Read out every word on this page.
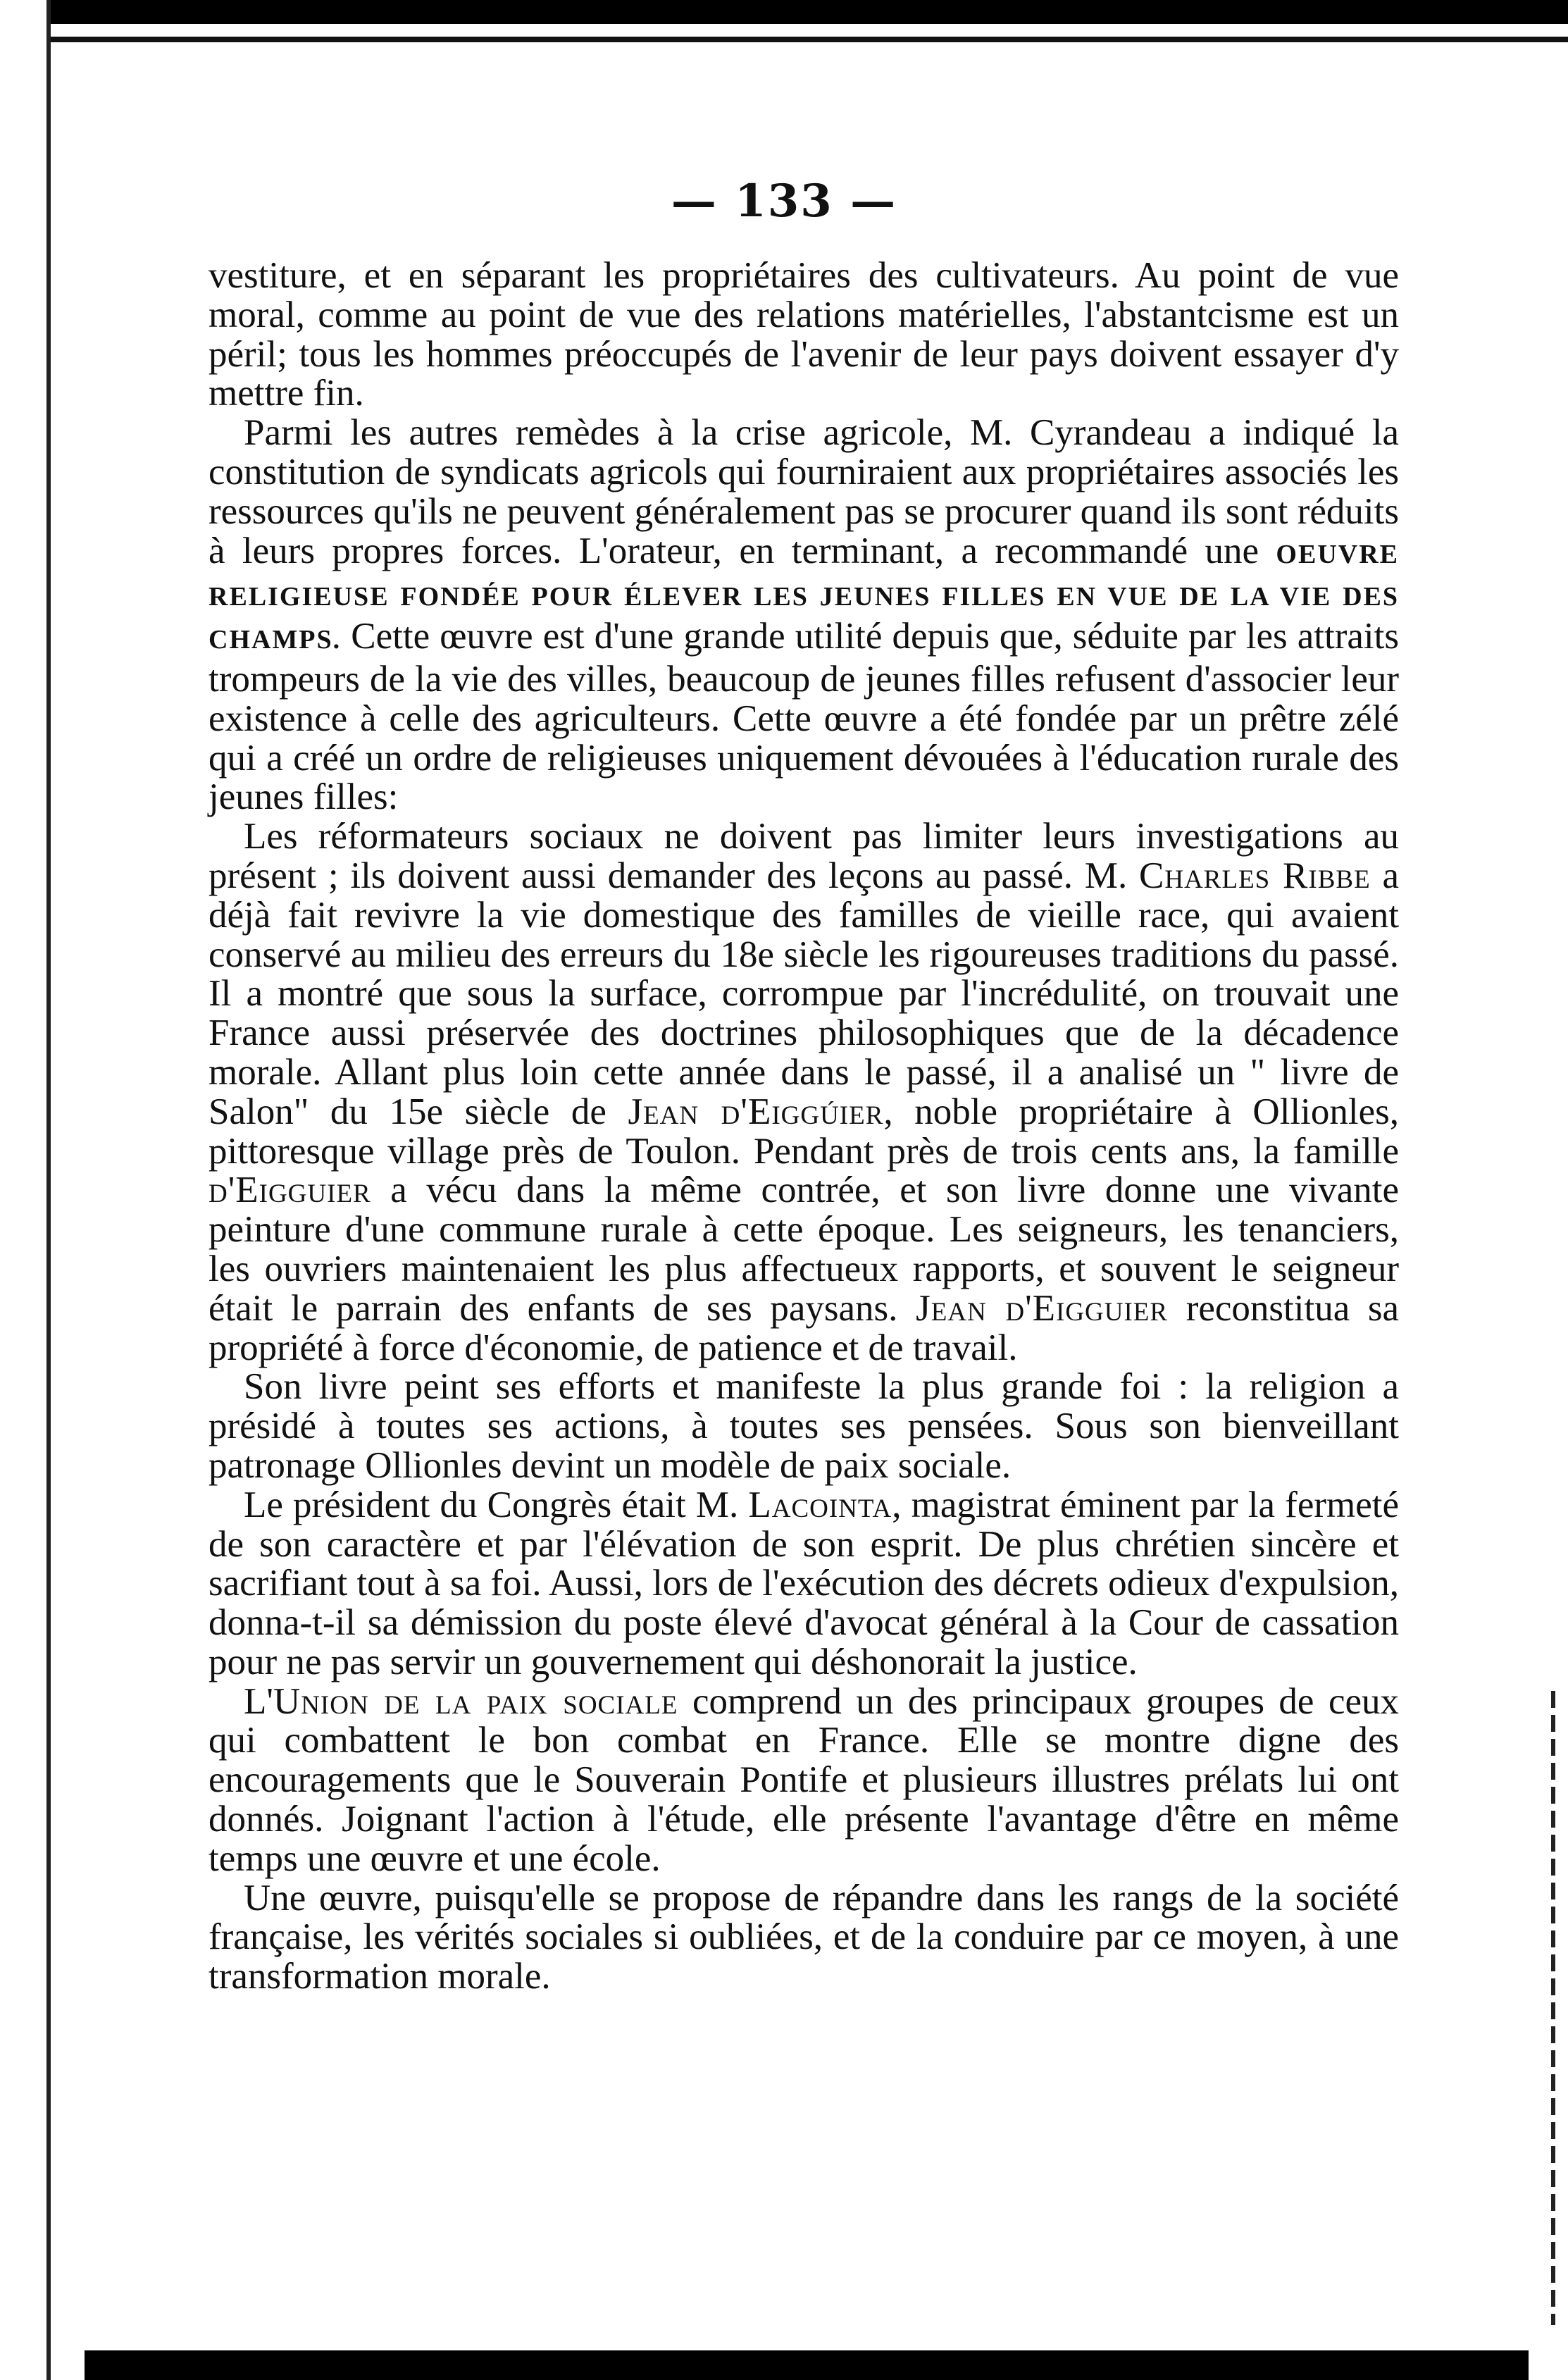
— 133 —

vestiture, et en séparant les propriétaires des cultivateurs. Au point de vue moral, comme au point de vue des relations matérielles, l'abstantcisme est un péril; tous les hommes préoccupés de l'avenir de leur pays doivent essayer d'y mettre fin.

Parmi les autres remèdes à la crise agricole, M. Cyrandeau a indiqué la constitution de syndicats agricols qui fourniraient aux propriétaires associés les ressources qu'ils ne peuvent généralement pas se procurer quand ils sont réduits à leurs propres forces. L'orateur, en terminant, a recommandé une OEUVRE RELIGIEUSE FONDÉE POUR ÉLEVER LES JEUNES FILLES EN VUE DE LA VIE DES CHAMPS. Cette œuvre est d'une grande utilité depuis que, séduite par les attraits trompeurs de la vie des villes, beaucoup de jeunes filles refusent d'associer leur existence à celle des agriculteurs. Cette œuvre a été fondée par un prêtre zélé qui a créé un ordre de religieuses uniquement dévouées à l'éducation rurale des jeunes filles:

Les réformateurs sociaux ne doivent pas limiter leurs investigations au présent ; ils doivent aussi demander des leçons au passé. M. Charles Ribbe a déjà fait revivre la vie domestique des familles de vieille race, qui avaient conservé au milieu des erreurs du 18e siècle les rigoureuses traditions du passé. Il a montré que sous la surface, corrompue par l'incrédulité, on trouvait une France aussi préservée des doctrines philosophiques que de la décadence morale. Allant plus loin cette année dans le passé, il a analisé un " livre de Salon" du 15e siècle de Jean d'Eiggúier, noble propriétaire à Ollionles, pittoresque village près de Toulon. Pendant près de trois cents ans, la famille d'Eigguier a vécu dans la même contrée, et son livre donne une vivante peinture d'une commune rurale à cette époque. Les seigneurs, les tenanciers, les ouvriers maintenaient les plus affectueux rapports, et souvent le seigneur était le parrain des enfants de ses paysans. Jean d'Eigguier reconstitua sa propriété à force d'économie, de patience et de travail.

Son livre peint ses efforts et manifeste la plus grande foi : la religion a présidé à toutes ses actions, à toutes ses pensées. Sous son bienveillant patronage Ollionles devint un modèle de paix sociale.

Le président du Congrès était M. Lacointa, magistrat éminent par la fermeté de son caractère et par l'élévation de son esprit. De plus chrétien sincère et sacrifiant tout à sa foi. Aussi, lors de l'exécution des décrets odieux d'expulsion, donna-t-il sa démission du poste élevé d'avocat général à la Cour de cassation pour ne pas servir un gouvernement qui déshonorait la justice.

L'Union de la paix sociale comprend un des principaux groupes de ceux qui combattent le bon combat en France. Elle se montre digne des encouragements que le Souverain Pontife et plusieurs illustres prélats lui ont donnés. Joignant l'action à l'étude, elle présente l'avantage d'être en même temps une œuvre et une école.

Une œuvre, puisqu'elle se propose de répandre dans les rangs de la société française, les vérités sociales si oubliées, et de la conduire par ce moyen, à une transformation morale.
